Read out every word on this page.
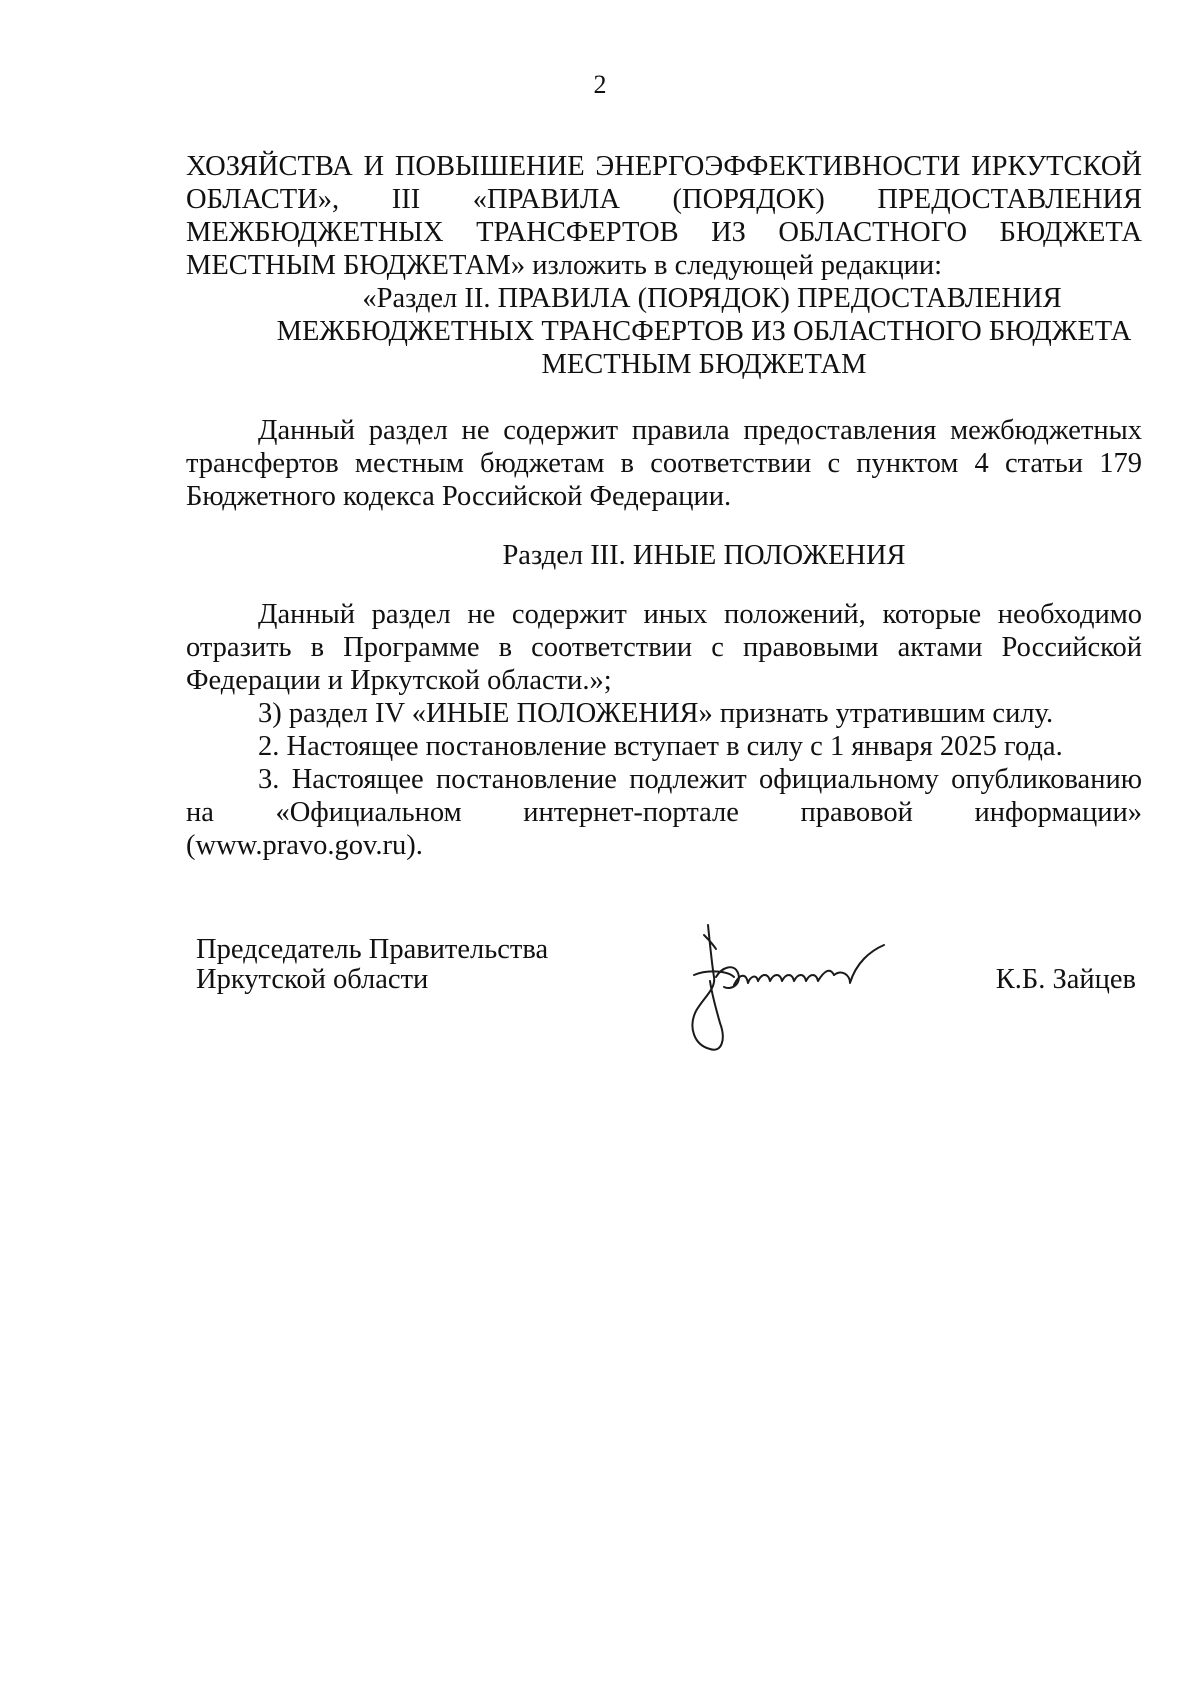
2

ХОЗЯЙСТВА И ПОВЫШЕНИЕ ЭНЕРГОЭФФЕКТИВНОСТИ ИРКУТСКОЙ ОБЛАСТИ», III «ПРАВИЛА (ПОРЯДОК) ПРЕДОСТАВЛЕНИЯ МЕЖБЮДЖЕТНЫХ ТРАНСФЕРТОВ ИЗ ОБЛАСТНОГО БЮДЖЕТА МЕСТНЫМ БЮДЖЕТАМ» изложить в следующей редакции:

«Раздел II. ПРАВИЛА (ПОРЯДОК) ПРЕДОСТАВЛЕНИЯ
МЕЖБЮДЖЕТНЫХ ТРАНСФЕРТОВ ИЗ ОБЛАСТНОГО БЮДЖЕТА
МЕСТНЫМ БЮДЖЕТАМ

Данный раздел не содержит правила предоставления межбюджетных трансфертов местным бюджетам в соответствии с пунктом 4 статьи 179 Бюджетного кодекса Российской Федерации.

Раздел III. ИНЫЕ ПОЛОЖЕНИЯ

Данный раздел не содержит иных положений, которые необходимо отразить в Программе в соответствии с правовыми актами Российской Федерации и Иркутской области.»;

3) раздел IV «ИНЫЕ ПОЛОЖЕНИЯ» признать утратившим силу.

2. Настоящее постановление вступает в силу с 1 января 2025 года.

3. Настоящее постановление подлежит официальному опубликованию на «Официальном интернет-портале правовой информации» (www.pravo.gov.ru).

Председатель Правительства
Иркутской области	К.Б. Зайцев
